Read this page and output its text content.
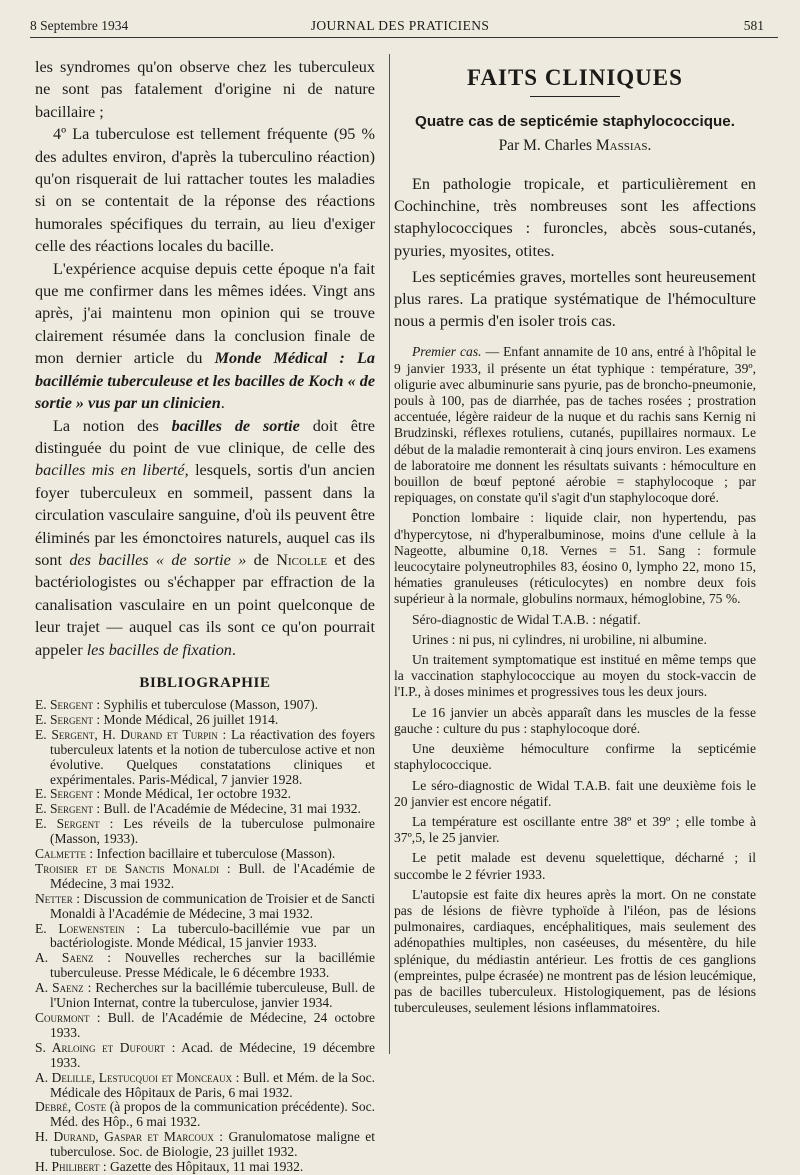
8 Septembre 1934	JOURNAL DES PRATICIENS	581

les syndromes qu'on observe chez les tuberculeux ne sont pas fatalement d'origine ni de nature bacillaire ;

4º La tuberculose est tellement fréquente (95 % des adultes environ, d'après la tuberculino réaction) qu'on risquerait de lui rattacher toutes les maladies si on se contentait de la réponse des réactions humorales spécifiques du terrain, au lieu d'exiger celle des réactions locales du bacille.

L'expérience acquise depuis cette époque n'a fait que me confirmer dans les mêmes idées. Vingt ans après, j'ai maintenu mon opinion qui se trouve clairement résumée dans la conclusion finale de mon dernier article du Monde Médical : La bacillémie tuberculeuse et les bacilles de Koch « de sortie » vus par un clinicien.

La notion des bacilles de sortie doit être distinguée du point de vue clinique, de celle des bacilles mis en liberté, lesquels, sortis d'un ancien foyer tuberculeux en sommeil, passent dans la circulation vasculaire sanguine, d'où ils peuvent être éliminés par les émonctoires naturels, auquel cas ils sont des bacilles « de sortie » de Nicolle et des bactériologistes ou s'échapper par effraction de la canalisation vasculaire en un point quelconque de leur trajet — auquel cas ils sont ce qu'on pourrait appeler les bacilles de fixation.

BIBLIOGRAPHIE

E. Sergent : Syphilis et tuberculose (Masson, 1907).

E. Sergent : Monde Médical, 26 juillet 1914.

E. Sergent, H. Durand et Turpin : La réactivation des foyers tuberculeux latents et la notion de tuberculose active et non évolutive. Quelques constatations cliniques et expérimentales. Paris-Médical, 7 janvier 1928.

E. Sergent : Monde Médical, 1er octobre 1932.

E. Sergent : Bull. de l'Académie de Médecine, 31 mai 1932.

E. Sergent : Les réveils de la tuberculose pulmonaire (Masson, 1933).

Calmette : Infection bacillaire et tuberculose (Masson).

Troisier et de Sanctis Monaldi : Bull. de l'Académie de Médecine, 3 mai 1932.

Netter : Discussion de communication de Troisier et de Sancti Monaldi à l'Académie de Médecine, 3 mai 1932.

E. Loewenstein : La tuberculo-bacillémie vue par un bactériologiste. Monde Médical, 15 janvier 1933.

A. Saenz : Nouvelles recherches sur la bacillémie tuberculeuse. Presse Médicale, le 6 décembre 1933.

A. Saenz : Recherches sur la bacillémie tuberculeuse, Bull. de l'Union Internat, contre la tuberculose, janvier 1934.

Courmont : Bull. de l'Académie de Médecine, 24 octobre 1933.

S. Arloing et Dufourt : Acad. de Médecine, 19 décembre 1933.

A. Delille, Lestucquoi et Monceaux : Bull. et Mém. de la Soc. Médicale des Hôpitaux de Paris, 6 mai 1932.

Debré, Coste (à propos de la communication précédente). Soc. Méd. des Hôp., 6 mai 1932.

H. Durand, Gaspar et Marcoux : Granulomatose maligne et tuberculose. Soc. de Biologie, 23 juillet 1932.

H. Philibert : Gazette des Hôpitaux, 11 mai 1932.

FAITS CLINIQUES
Quatre cas de septicémie staphylococcique.
Par M. Charles Massias.

En pathologie tropicale, et particulièrement en Cochinchine, très nombreuses sont les affections staphylococciques : furoncles, abcès sous-cutanés, pyuries, myosites, otites.

Les septicémies graves, mortelles sont heureusement plus rares. La pratique systématique de l'hémoculture nous a permis d'en isoler trois cas.

Premier cas. — Enfant annamite de 10 ans, entré à l'hôpital le 9 janvier 1933, il présente un état typhique : température, 39º, oligurie avec albuminurie sans pyurie, pas de broncho-pneumonie, pouls à 100, pas de diarrhée, pas de taches rosées ; prostration accentuée, légère raideur de la nuque et du rachis sans Kernig ni Brudzinski, réflexes rotuliens, cutanés, pupillaires normaux. Le début de la maladie remonterait à cinq jours environ. Les examens de laboratoire me donnent les résultats suivants : hémoculture en bouillon de bœuf peptoné aérobie = staphylocoque ; par repiquages, on constate qu'il s'agit d'un staphylocoque doré.

Ponction lombaire : liquide clair, non hypertendu, pas d'hypercytose, ni d'hyperalbuminose, moins d'une cellule à la Nageotte, albumine 0,18. Vernes = 51. Sang : formule leucocytaire polyneutrophiles 83, éosino 0, lympho 22, mono 15, hématies granuleuses (réticulocytes) en nombre deux fois supérieur à la normale, globulins normaux, hémoglobine, 75 %.

Séro-diagnostic de Widal T.A.B. : négatif.

Urines : ni pus, ni cylindres, ni urobiline, ni albumine.

Un traitement symptomatique est institué en même temps que la vaccination staphylococcique au moyen du stock-vaccin de l'I.P., à doses minimes et progressives tous les deux jours.

Le 16 janvier un abcès apparaît dans les muscles de la fesse gauche : culture du pus : staphylocoque doré.

Une deuxième hémoculture confirme la septicémie staphylococcique.

Le séro-diagnostic de Widal T.A.B. fait une deuxième fois le 20 janvier est encore négatif.

La température est oscillante entre 38º et 39º ; elle tombe à 37º,5, le 25 janvier.

Le petit malade est devenu squelettique, décharné ; il succombe le 2 février 1933.

L'autopsie est faite dix heures après la mort. On ne constate pas de lésions de fièvre typhoïde à l'iléon, pas de lésions pulmonaires, cardiaques, encéphalitiques, mais seulement des adénopathies multiples, non caséeuses, du mésentère, du hile splénique, du médiastin antérieur. Les frottis de ces ganglions (empreintes, pulpe écrasée) ne montrent pas de lésion leucémique, pas de bacilles tuberculeux. Histologiquement, pas de lésions tuberculeuses, seulement lésions inflammatoires.
